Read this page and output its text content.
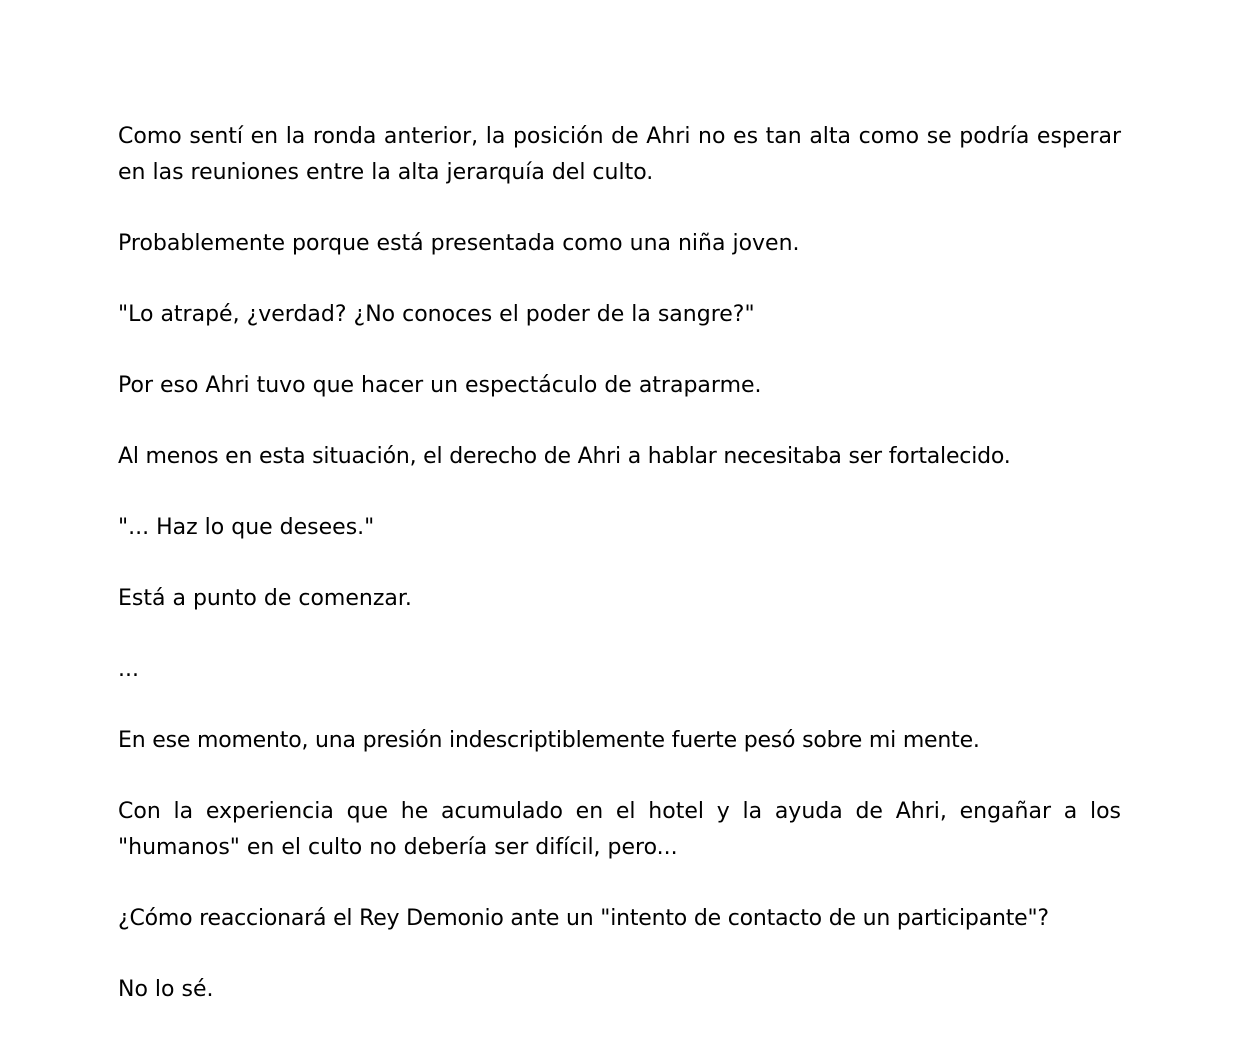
Como sentí en la ronda anterior, la posición de Ahri no es tan alta como se podría esperar en las reuniones entre la alta jerarquía del culto.

Probablemente porque está presentada como una niña joven.

"Lo atrapé, ¿verdad? ¿No conoces el poder de la sangre?"

Por eso Ahri tuvo que hacer un espectáculo de atraparme.

Al menos en esta situación, el derecho de Ahri a hablar necesitaba ser fortalecido.

"... Haz lo que desees."

Está a punto de comenzar.

...

En ese momento, una presión indescriptiblemente fuerte pesó sobre mi mente.

Con la experiencia que he acumulado en el hotel y la ayuda de Ahri, engañar a los "humanos" en el culto no debería ser difícil, pero...

¿Cómo reaccionará el Rey Demonio ante un "intento de contacto de un participante"?

No lo sé.
